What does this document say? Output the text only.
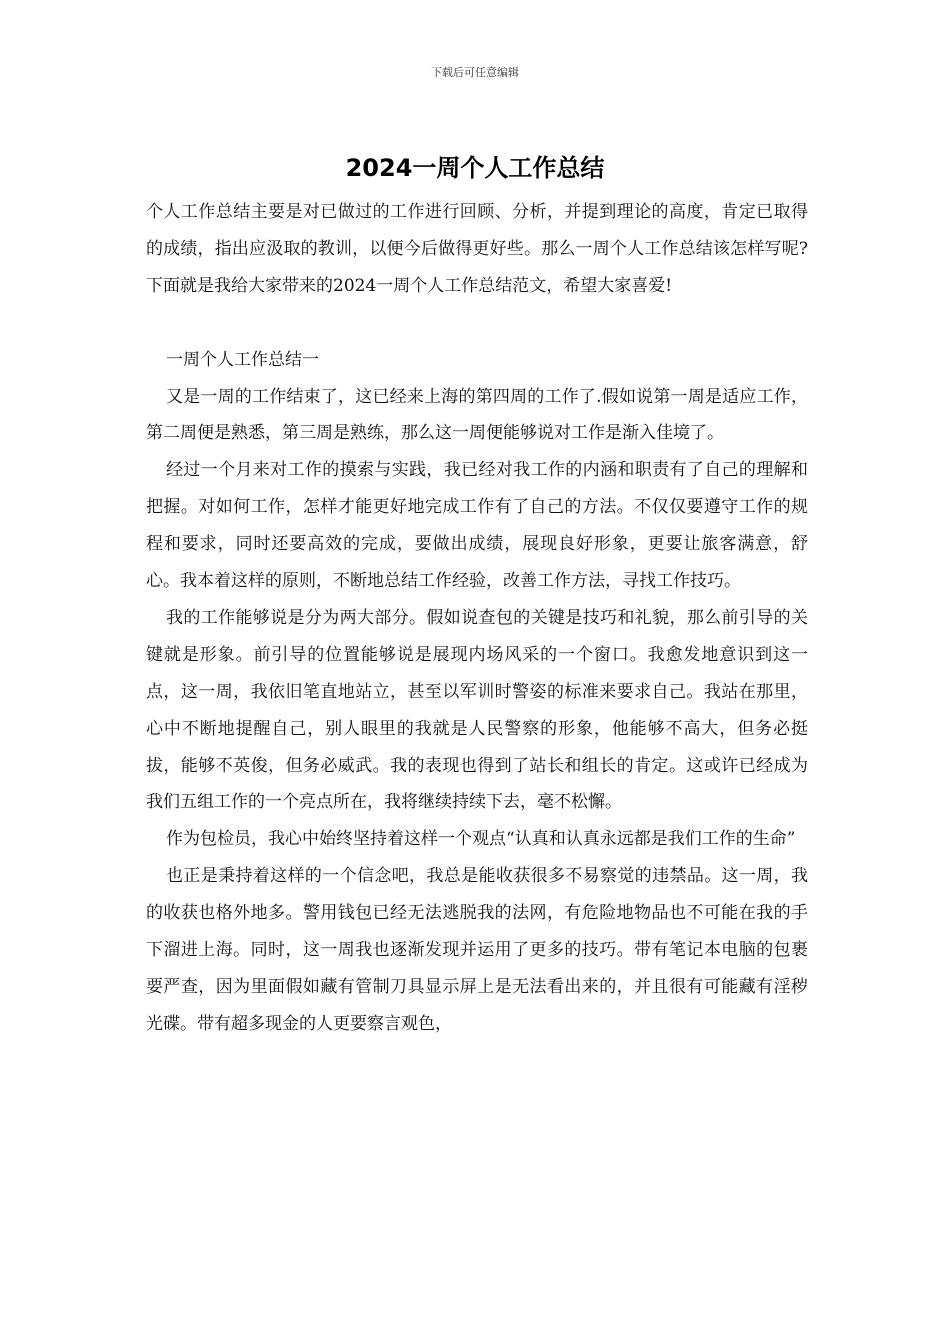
下载后可任意编辑
2024一周个人工作总结

个人工作总结主要是对已做过的工作进行回顾、分析，并提到理论的高度，肯定已取得的成绩，指出应汲取的教训，以便今后做得更好些。那么一周个人工作总结该怎样写呢?下面就是我给大家带来的2024一周个人工作总结范文，希望大家喜爱!

一周个人工作总结一

又是一周的工作结束了，这已经来上海的第四周的工作了.假如说第一周是适应工作，第二周便是熟悉，第三周是熟练，那么这一周便能够说对工作是渐入佳境了。

经过一个月来对工作的摸索与实践，我已经对我工作的内涵和职责有了自己的理解和把握。对如何工作，怎样才能更好地完成工作有了自己的方法。不仅仅要遵守工作的规程和要求，同时还要高效的完成，要做出成绩，展现良好形象，更要让旅客满意，舒心。我本着这样的原则，不断地总结工作经验，改善工作方法，寻找工作技巧。

我的工作能够说是分为两大部分。假如说查包的关键是技巧和礼貌，那么前引导的关键就是形象。前引导的位置能够说是展现内场风采的一个窗口。我愈发地意识到这一点，这一周，我依旧笔直地站立，甚至以军训时警姿的标准来要求自己。我站在那里，心中不断地提醒自己，别人眼里的我就是人民警察的形象，他能够不高大，但务必挺拔，能够不英俊，但务必威武。我的表现也得到了站长和组长的肯定。这或许已经成为我们五组工作的一个亮点所在，我将继续持续下去，毫不松懈。

作为包检员，我心中始终坚持着这样一个观点“认真和认真永远都是我们工作的生命”

也正是秉持着这样的一个信念吧，我总是能收获很多不易察觉的违禁品。这一周，我的收获也格外地多。警用钱包已经无法逃脱我的法网，有危险地物品也不可能在我的手下溜进上海。同时，这一周我也逐渐发现并运用了更多的技巧。带有笔记本电脑的包裹要严查，因为里面假如藏有管制刀具显示屏上是无法看出来的，并且很有可能藏有淫秽光碟。带有超多现金的人更要察言观色，
